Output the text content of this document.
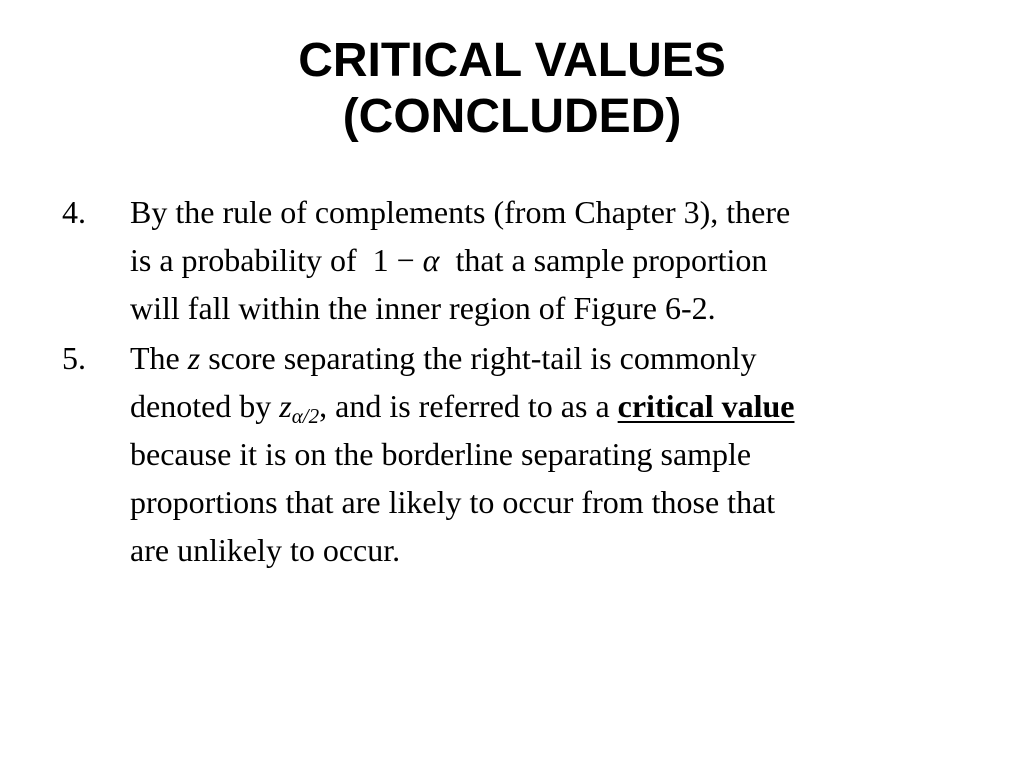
CRITICAL VALUES
(CONCLUDED)
4. By the rule of complements (from Chapter 3), there
is a probability of  1 − α  that a sample proportion
will fall within the inner region of Figure 6-2.
5. The z score separating the right-tail is commonly
denoted by $z_{\alpha/2}$, and is referred to as a critical value
because it is on the borderline separating sample
proportions that are likely to occur from those that
are unlikely to occur.
